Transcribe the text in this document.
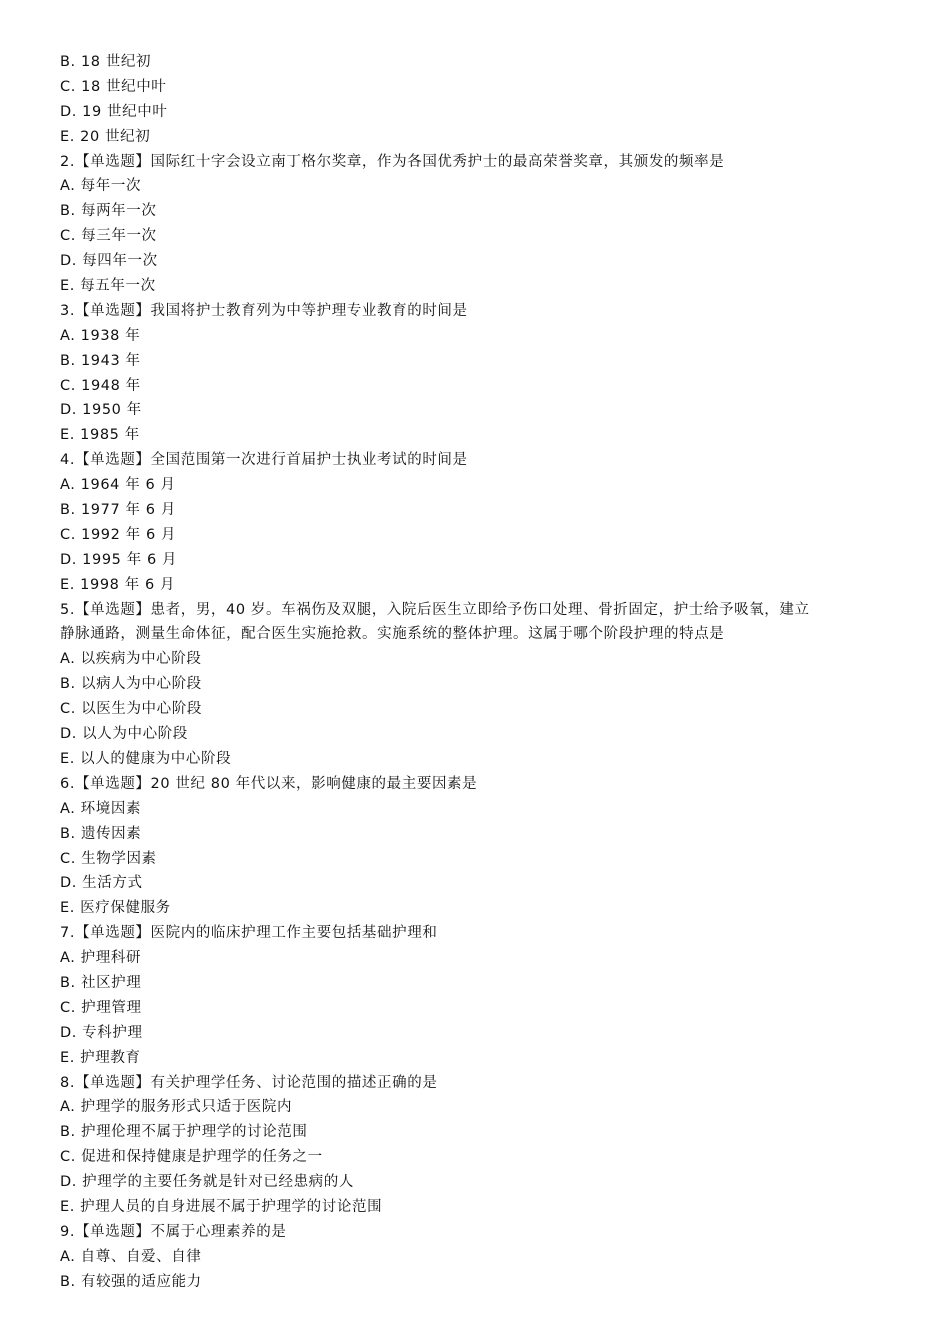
B. 18 世纪初
C. 18 世纪中叶
D. 19 世纪中叶
E. 20 世纪初
2.【单选题】国际红十字会设立南丁格尔奖章，作为各国优秀护士的最高荣誉奖章，其颁发的频率是
A. 每年一次
B. 每两年一次
C. 每三年一次
D. 每四年一次
E. 每五年一次
3.【单选题】我国将护士教育列为中等护理专业教育的时间是
A. 1938 年
B. 1943 年
C. 1948 年
D. 1950 年
E. 1985 年
4.【单选题】全国范围第一次进行首届护士执业考试的时间是
A. 1964 年 6 月
B. 1977 年 6 月
C. 1992 年 6 月
D. 1995 年 6 月
E. 1998 年 6 月
5.【单选题】患者，男，40 岁。车祸伤及双腿，入院后医生立即给予伤口处理、骨折固定，护士给予吸氧，建立
静脉通路，测量生命体征，配合医生实施抢救。实施系统的整体护理。这属于哪个阶段护理的特点是
A. 以疾病为中心阶段
B. 以病人为中心阶段
C. 以医生为中心阶段
D. 以人为中心阶段
E. 以人的健康为中心阶段
6.【单选题】20 世纪 80 年代以来，影响健康的最主要因素是
A. 环境因素
B. 遗传因素
C. 生物学因素
D. 生活方式
E. 医疗保健服务
7.【单选题】医院内的临床护理工作主要包括基础护理和
A. 护理科研
B. 社区护理
C. 护理管理
D. 专科护理
E. 护理教育
8.【单选题】有关护理学任务、讨论范围的描述正确的是
A. 护理学的服务形式只适于医院内
B. 护理伦理不属于护理学的讨论范围
C. 促进和保持健康是护理学的任务之一
D. 护理学的主要任务就是针对已经患病的人
E. 护理人员的自身进展不属于护理学的讨论范围
9.【单选题】不属于心理素养的是
A. 自尊、自爱、自律
B. 有较强的适应能力
